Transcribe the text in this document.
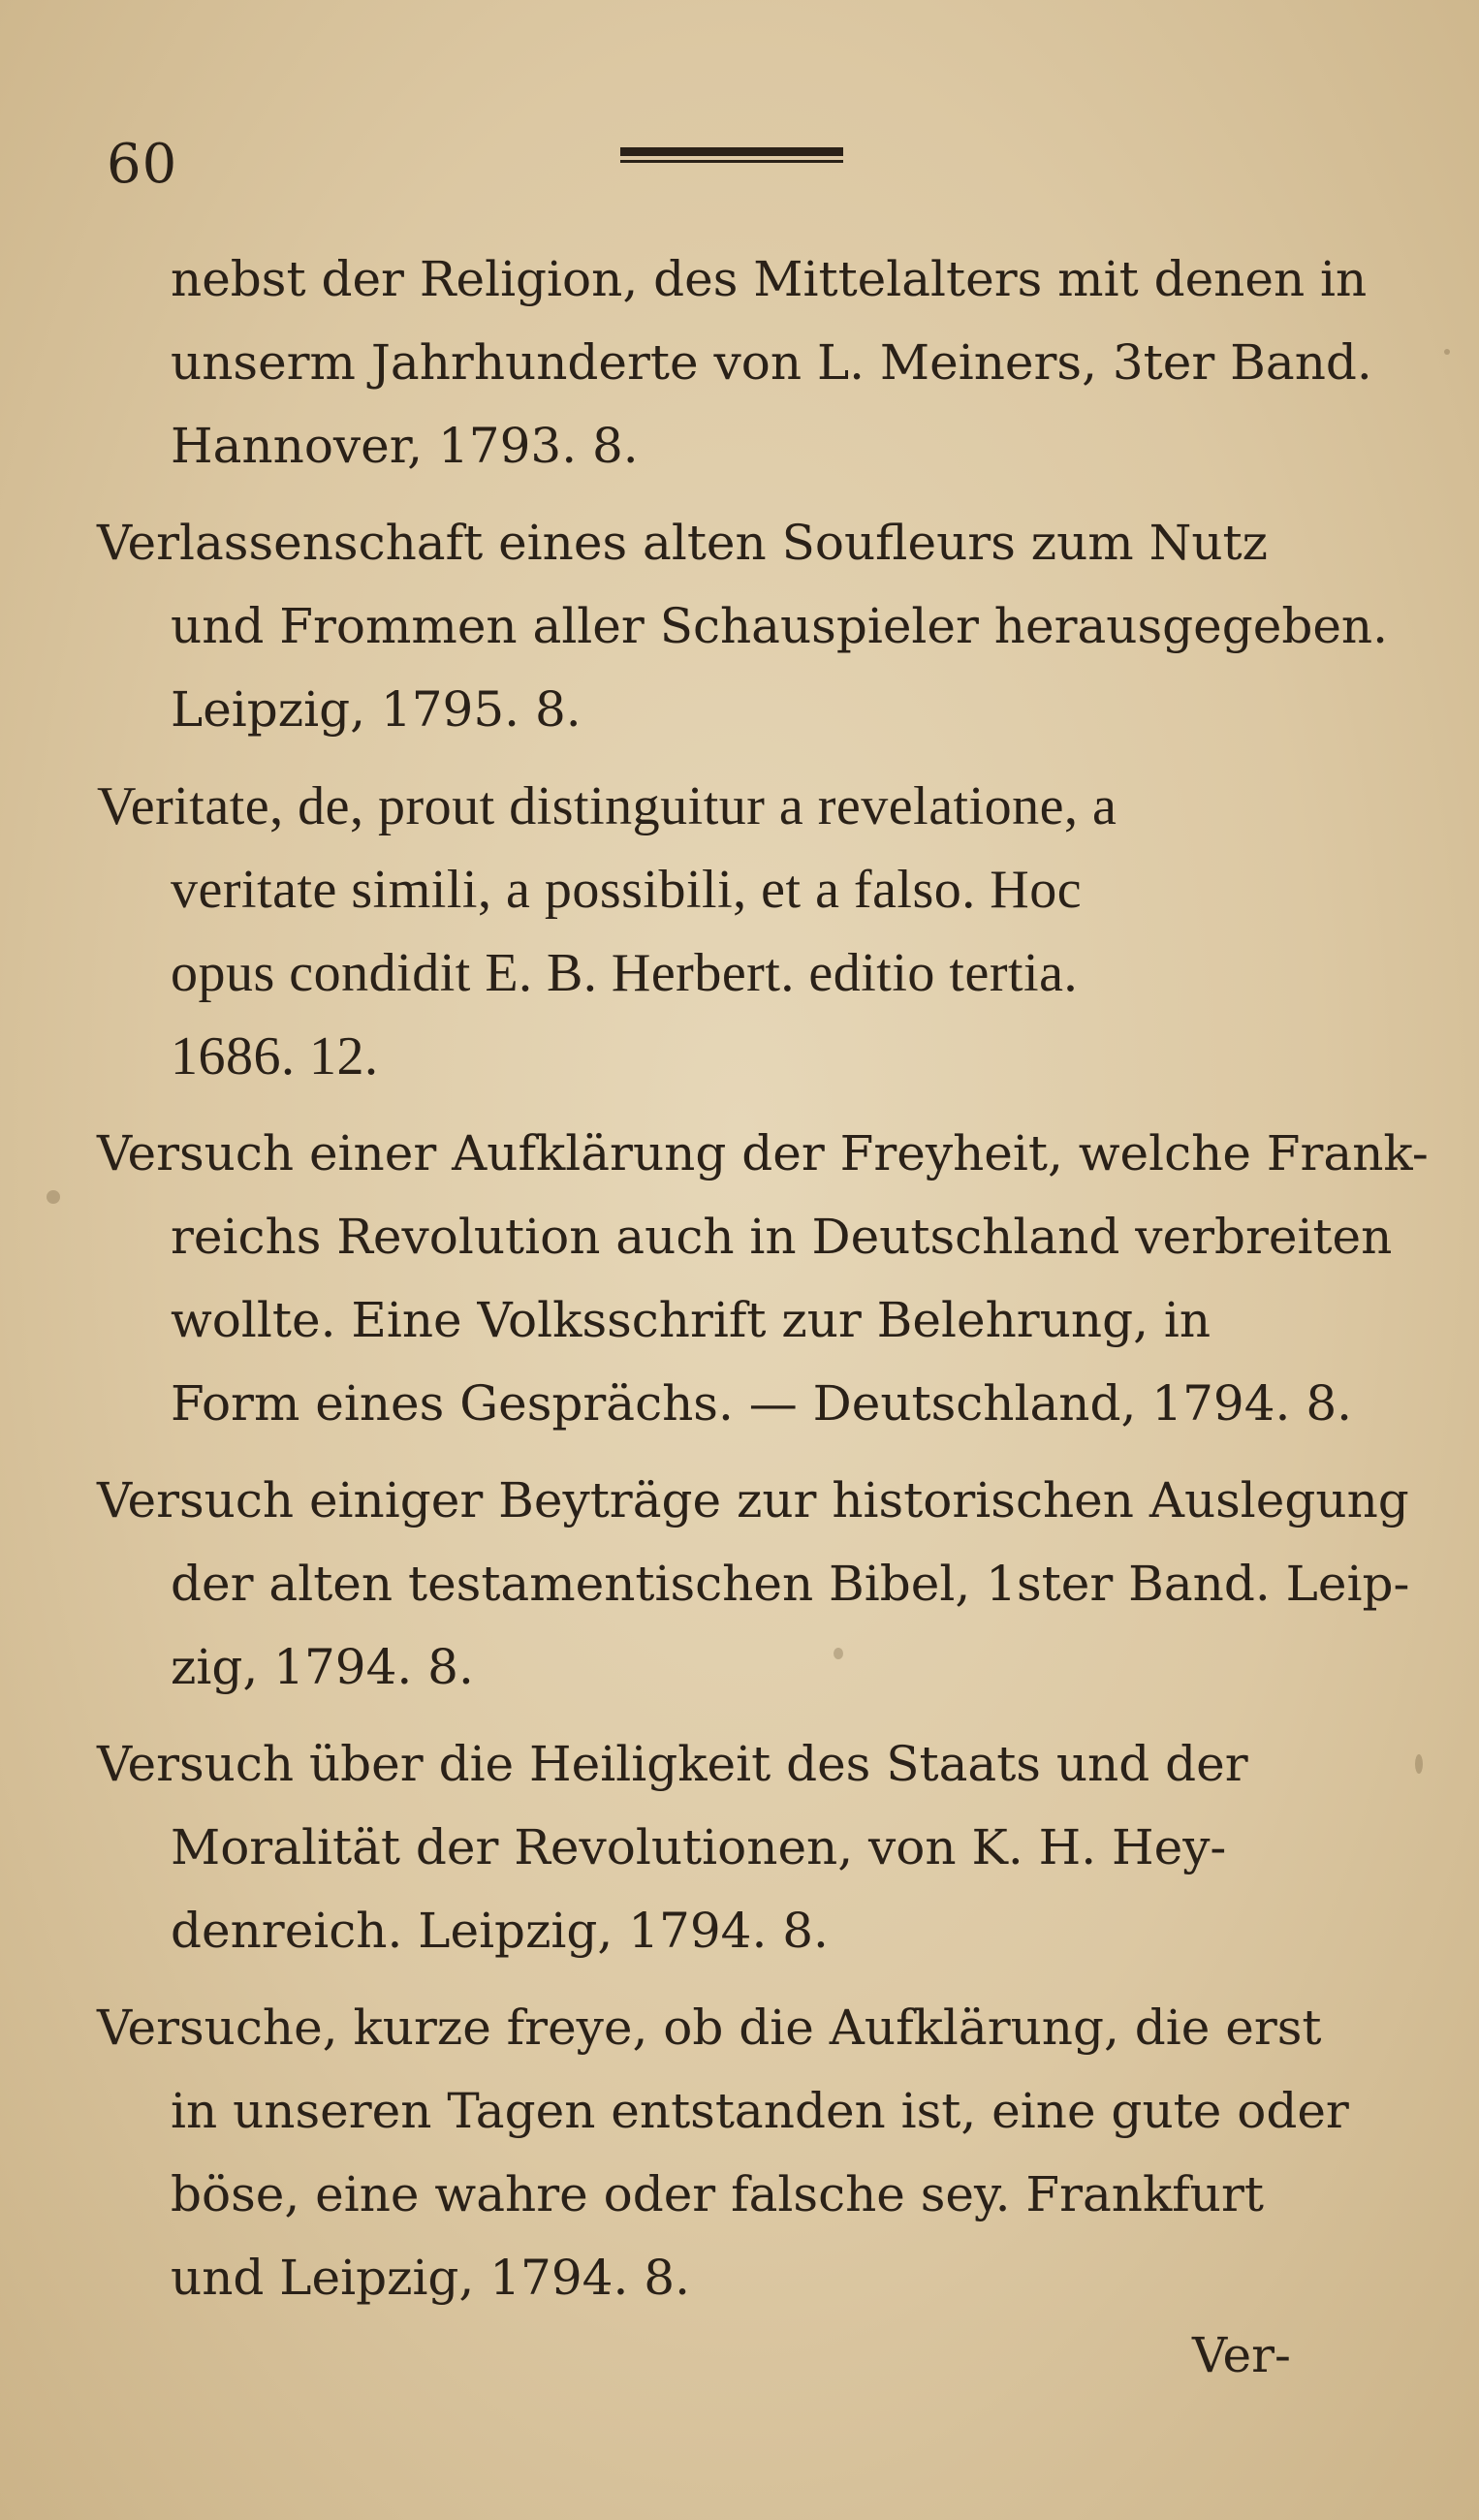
60
nebst der Religion, des Mittelalters mit denen in
unserm Jahrhunderte von L. Meiners, 3ter Band.
Hannover, 1793. 8.
Verlassenschaft eines alten Soufleurs zum Nutz
und Frommen aller Schauspieler herausgegeben.
Leipzig, 1795. 8.
Veritate, de, prout distinguitur a revelatione, a
veritate simili, a possibili, et a falso. Hoc
opus condidit E. B. Herbert. editio tertia.
1686. 12.
Versuch einer Aufklärung der Freyheit, welche Frank-
reichs Revolution auch in Deutschland verbreiten
wollte. Eine Volksschrift zur Belehrung, in
Form eines Gesprächs. — Deutschland, 1794. 8.
Versuch einiger Beyträge zur historischen Auslegung
der alten testamentischen Bibel, 1ster Band. Leip-
zig, 1794. 8.
Versuch über die Heiligkeit des Staats und der
Moralität der Revolutionen, von K. H. Hey-
denreich. Leipzig, 1794. 8.
Versuche, kurze freye, ob die Aufklärung, die erst
in unseren Tagen entstanden ist, eine gute oder
böse, eine wahre oder falsche sey. Frankfurt
und Leipzig, 1794. 8.
Ver-
